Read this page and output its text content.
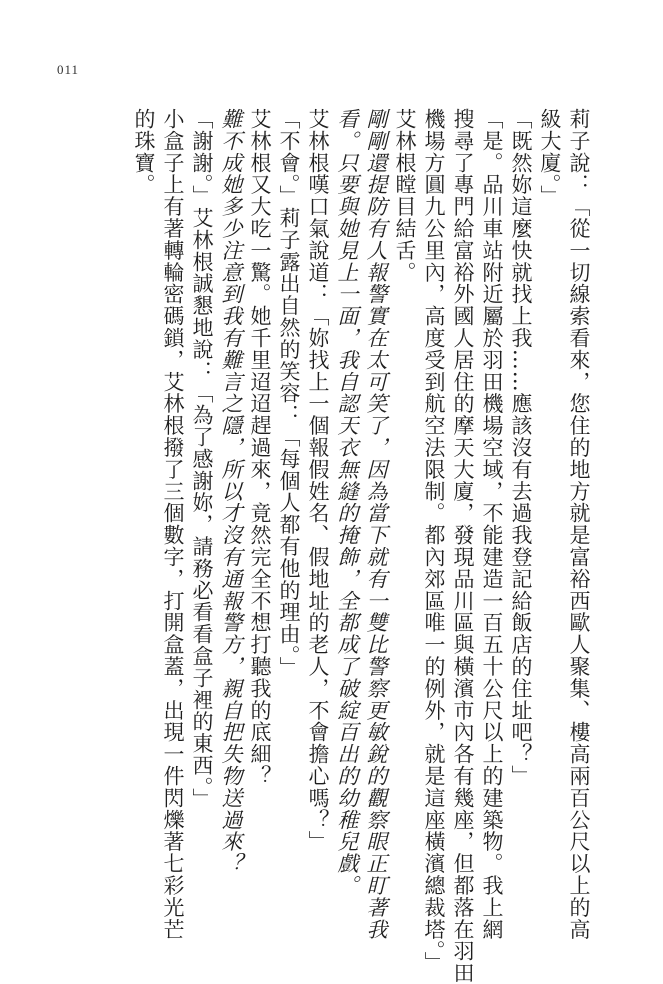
011
莉子說：「從一切線索看來，您住的地方就是富裕西歐人聚集、樓高兩百公尺以上的高
級大廈。」
「既然妳這麼快就找上我……應該沒有去過我登記給飯店的住址吧？」
「是。品川車站附近屬於羽田機場空域，不能建造一百五十公尺以上的建築物。我上網
搜尋了專門給富裕外國人居住的摩天大廈，發現品川區與橫濱市內各有幾座，但都落在羽田
機場方圓九公里內，高度受到航空法限制。都內郊區唯一的例外，就是這座橫濱總裁塔。」
艾林根瞠目結舌。
剛剛還提防有人報警實在太可笑了，因為當下就有一雙比警察更敏銳的觀察眼正盯著我
看。只要與她見上一面，我自認天衣無縫的掩飾，全都成了破綻百出的幼稚兒戲。
艾林根嘆口氣說道：「妳找上一個報假姓名、假地址的老人，不會擔心嗎？」
「不會。」莉子露出自然的笑容：「每個人都有他的理由。」
艾林根又大吃一驚。她千里迢迢趕過來，竟然完全不想打聽我的底細？
難不成她多少注意到我有難言之隱，所以才沒有通報警方，親自把失物送過來？
「謝謝。」艾林根誠懇地說：「為了感謝妳，請務必看看盒子裡的東西。」
小盒子上有著轉輪密碼鎖，艾林根撥了三個數字，打開盒蓋，出現一件閃爍著七彩光芒
的珠寶。
